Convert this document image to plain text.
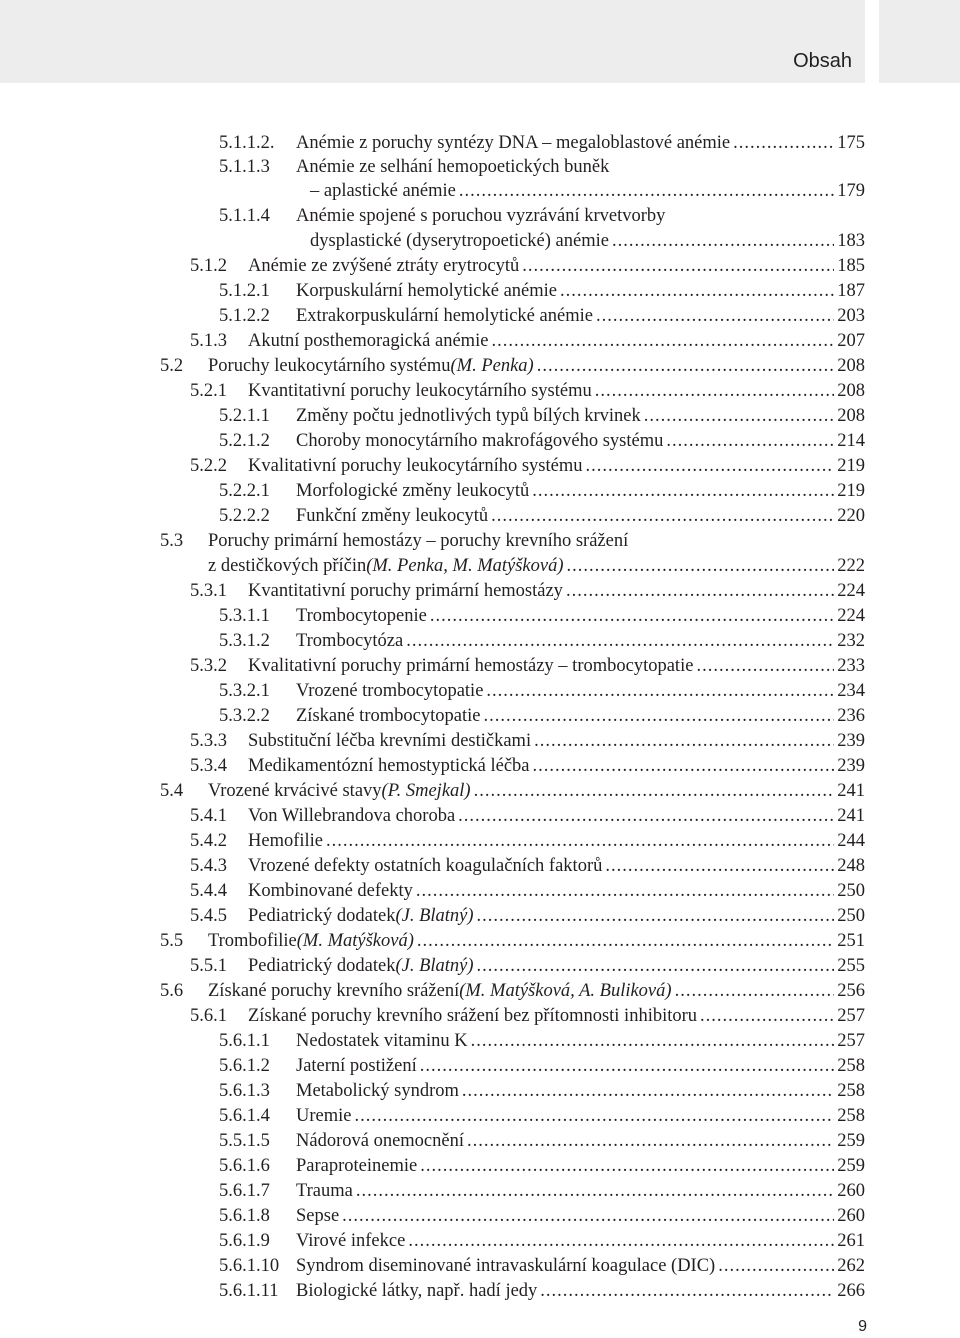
Obsah
5.1.1.2.	Anémie z poruchy syntézy DNA – megaloblastové anémie .....	175
5.1.1.3	Anémie ze selhání hemopoetických buněk
– aplastické anémie .....	179
5.1.1.4	Anémie spojené s poruchou vyzrávání krvetvorby
dysplastické (dyserytropoetické) anémie .....	183
5.1.2	Anémie ze zvýšené ztráty erytrocytů .....	185
5.1.2.1	Korpuskulární hemolytické anémie .....	187
5.1.2.2	Extrakorpuskulární hemolytické anémie .....	203
5.1.3	Akutní posthemoragická anémie .....	207
5.2	Poruchy leukocytárního systému (M. Penka) .....	208
5.2.1	Kvantitativní poruchy leukocytárního systému .....	208
5.2.1.1	Změny počtu jednotlivých typů bílých krvinek .....	208
5.2.1.2	Choroby monocytárního makrofágového systému .....	214
5.2.2	Kvalitativní poruchy leukocytárního systému .....	219
5.2.2.1	Morfologické změny leukocytů .....	219
5.2.2.2	Funkční změny leukocytů .....	220
5.3	Poruchy primární hemostázy – poruchy krevního srážení
z destičkových příčin (M. Penka, M. Matýšková) .....	222
5.3.1	Kvantitativní poruchy primární hemostázy .....	224
5.3.1.1	Trombocytopenie .....	224
5.3.1.2	Trombocytóza .....	232
5.3.2	Kvalitativní poruchy primární hemostázy – trombocytopatie .....	233
5.3.2.1	Vrozené trombocytopatie .....	234
5.3.2.2	Získané trombocytopatie .....	236
5.3.3	Substituční léčba krevními destičkami .....	239
5.3.4	Medikamentózní hemostyptická léčba .....	239
5.4	Vrozené krvácivé stavy (P. Smejkal) .....	241
5.4.1	Von Willebrandova choroba .....	241
5.4.2	Hemofilie .....	244
5.4.3	Vrozené defekty ostatních koagulačních faktorů .....	248
5.4.4	Kombinované defekty .....	250
5.4.5	Pediatrický dodatek (J. Blatný) .....	250
5.5	Trombofilie (M. Matýšková) .....	251
5.5.1	Pediatrický dodatek (J. Blatný) .....	255
5.6	Získané poruchy krevního srážení (M. Matýšková, A. Buliková) .....	256
5.6.1	Získané poruchy krevního srážení bez přítomnosti inhibitoru .....	257
5.6.1.1	Nedostatek vitaminu K .....	257
5.6.1.2	Jaterní postižení .....	258
5.6.1.3	Metabolický syndrom .....	258
5.6.1.4	Uremie .....	258
5.5.1.5	Nádorová onemocnění .....	259
5.6.1.6	Paraproteinemie .....	259
5.6.1.7	Trauma .....	260
5.6.1.8	Sepse .....	260
5.6.1.9	Virové infekce .....	261
5.6.1.10 Syndrom diseminované intravaskulární koagulace (DIC) .....	262
5.6.1.11 Biologické látky, např. hadí jedy .....	266
9
